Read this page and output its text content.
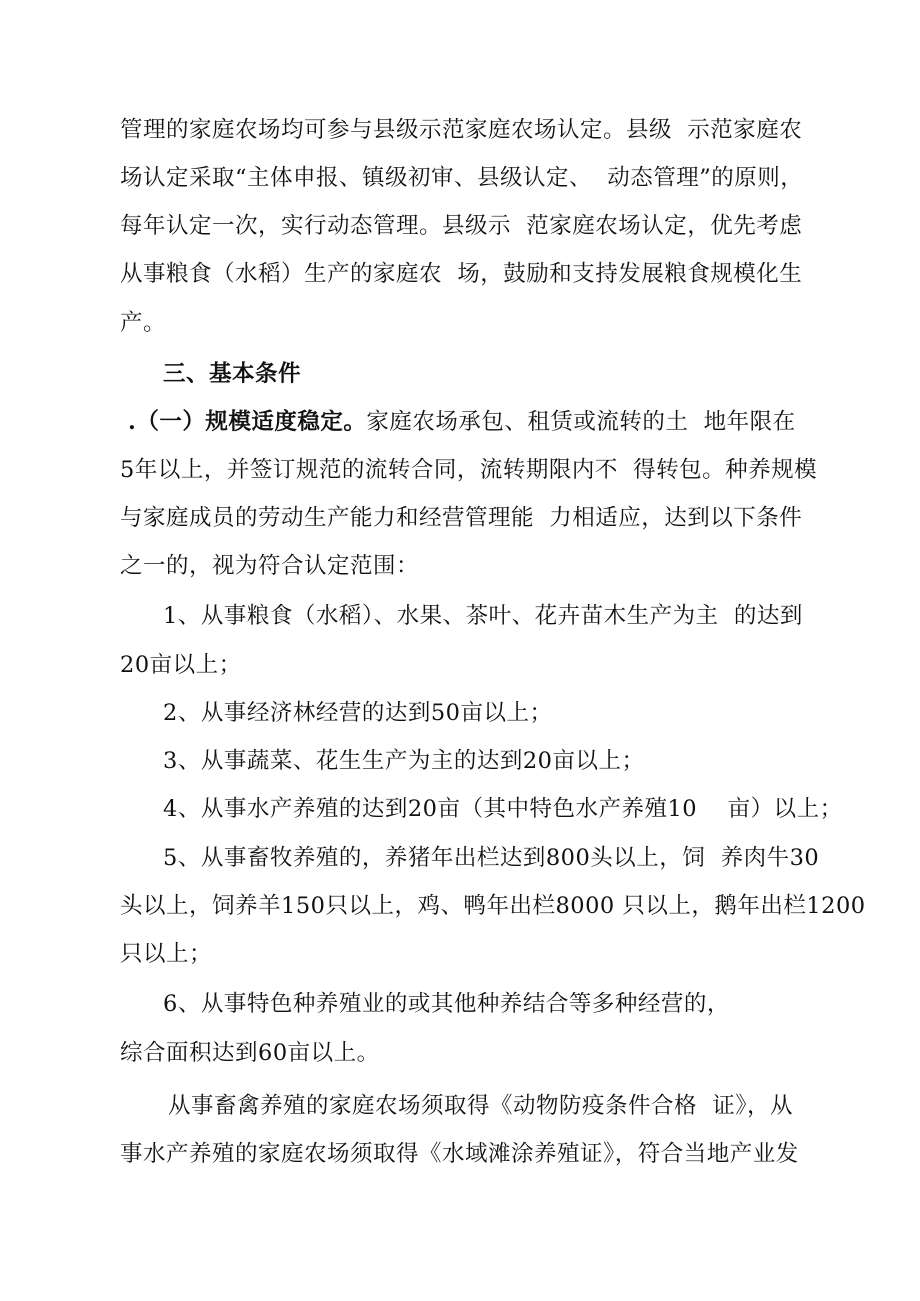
管理的家庭农场均可参与县级示范家庭农场认定。县级  示范家庭农
场认定采取“主体申报、镇级初审、县级认定、  动态管理”的原则，
每年认定一次，实行动态管理。县级示  范家庭农场认定，优先考虑
从事粮食（水稻）生产的家庭农  场，鼓励和支持发展粮食规模化生
产。
三、基本条件
.（一）规模适度稳定。家庭农场承包、租赁或流转的土  地年限在
5年以上，并签订规范的流转合同，流转期限内不  得转包。种养规模
与家庭成员的劳动生产能力和经营管理能  力相适应，达到以下条件
之一的，视为符合认定范围：
1、从事粮食（水稻）、水果、茶叶、花卉苗木生产为主  的达到
20亩以上；
2、从事经济林经营的达到50亩以上；
3、从事蔬菜、花生生产为主的达到20亩以上；
4、从事水产养殖的达到20亩（其中特色水产养殖10    亩）以上；
5、从事畜牧养殖的，养猪年出栏达到800头以上，饲  养肉牛30
头以上，饲养羊150只以上，鸡、鸭年出栏8000 只以上，鹅年出栏1200
只以上；
6、从事特色种养殖业的或其他种养结合等多种经营的，
综合面积达到60亩以上。
从事畜禽养殖的家庭农场须取得《动物防疫条件合格  证》，从
事水产养殖的家庭农场须取得《水域滩涂养殖证》，符合当地产业发
